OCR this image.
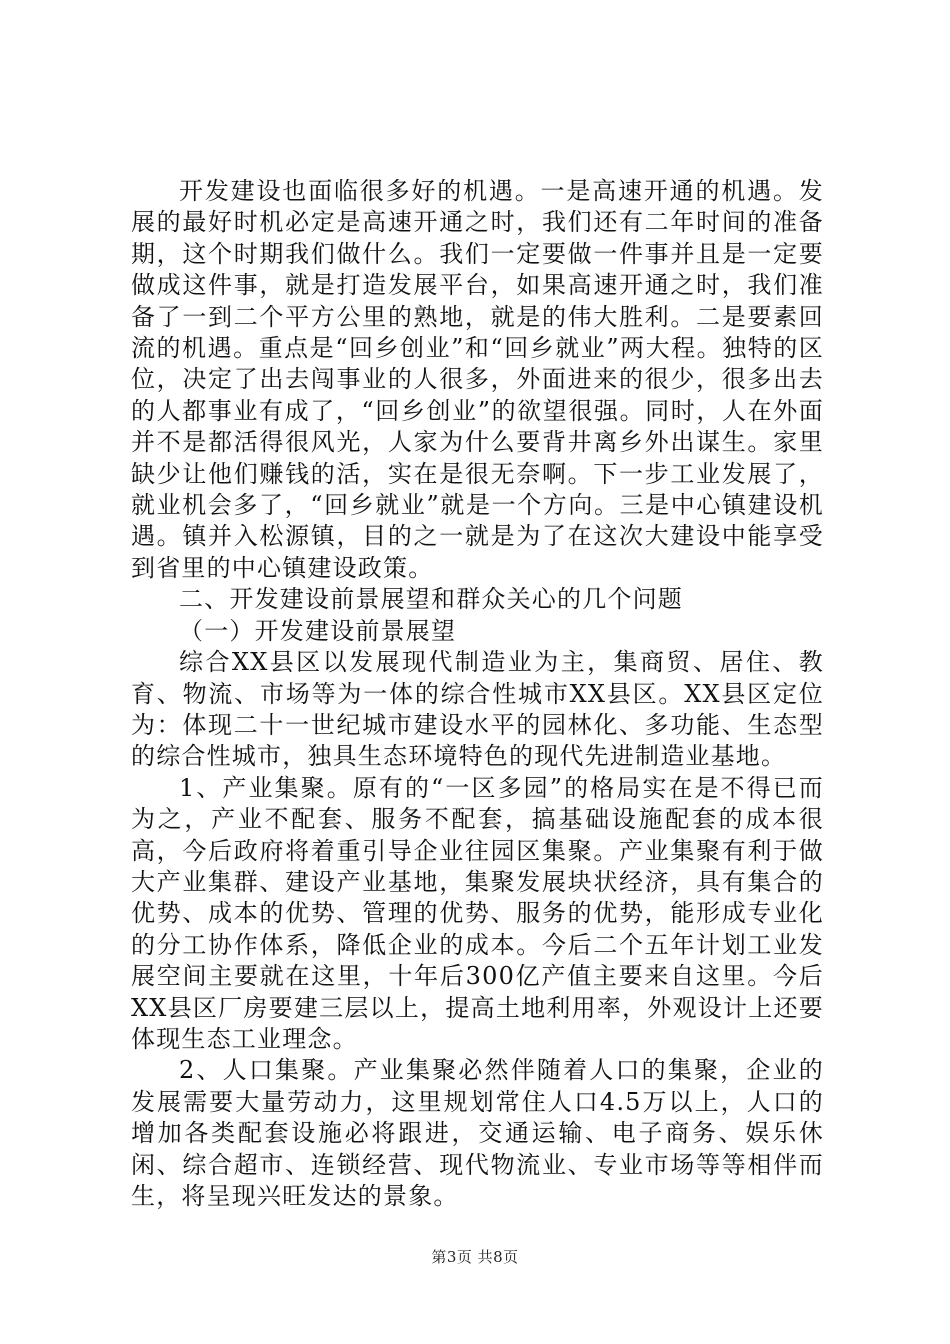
开发建设也面临很多好的机遇。一是高速开通的机遇。发展的最好时机必定是高速开通之时，我们还有二年时间的准备期，这个时期我们做什么。我们一定要做一件事并且是一定要做成这件事，就是打造发展平台，如果高速开通之时，我们准备了一到二个平方公里的熟地，就是的伟大胜利。二是要素回流的机遇。重点是“回乡创业”和“回乡就业”两大程。独特的区位，决定了出去闯事业的人很多，外面进来的很少，很多出去的人都事业有成了，“回乡创业”的欲望很强。同时，人在外面并不是都活得很风光，人家为什么要背井离乡外出谋生。家里缺少让他们赚钱的活，实在是很无奈啊。下一步工业发展了，就业机会多了，“回乡就业”就是一个方向。三是中心镇建设机遇。镇并入松源镇，目的之一就是为了在这次大建设中能享受到省里的中心镇建设政策。

二、开发建设前景展望和群众关心的几个问题

（一）开发建设前景展望

综合XX县区以发展现代制造业为主，集商贸、居住、教育、物流、市场等为一体的综合性城市XX县区。XX县区定位为：体现二十一世纪城市建设水平的园林化、多功能、生态型的综合性城市，独具生态环境特色的现代先进制造业基地。

1、产业集聚。原有的“一区多园”的格局实在是不得已而为之，产业不配套、服务不配套，搞基础设施配套的成本很高，今后政府将着重引导企业往园区集聚。产业集聚有利于做大产业集群、建设产业基地，集聚发展块状经济，具有集合的优势、成本的优势、管理的优势、服务的优势，能形成专业化的分工协作体系，降低企业的成本。今后二个五年计划工业发展空间主要就在这里，十年后300亿产值主要来自这里。今后XX县区厂房要建三层以上，提高土地利用率，外观设计上还要体现生态工业理念。

2、人口集聚。产业集聚必然伴随着人口的集聚，企业的发展需要大量劳动力，这里规划常住人口4.5万以上，人口的增加各类配套设施必将跟进，交通运输、电子商务、娱乐休闲、综合超市、连锁经营、现代物流业、专业市场等等相伴而生，将呈现兴旺发达的景象。

第3页 共8页
